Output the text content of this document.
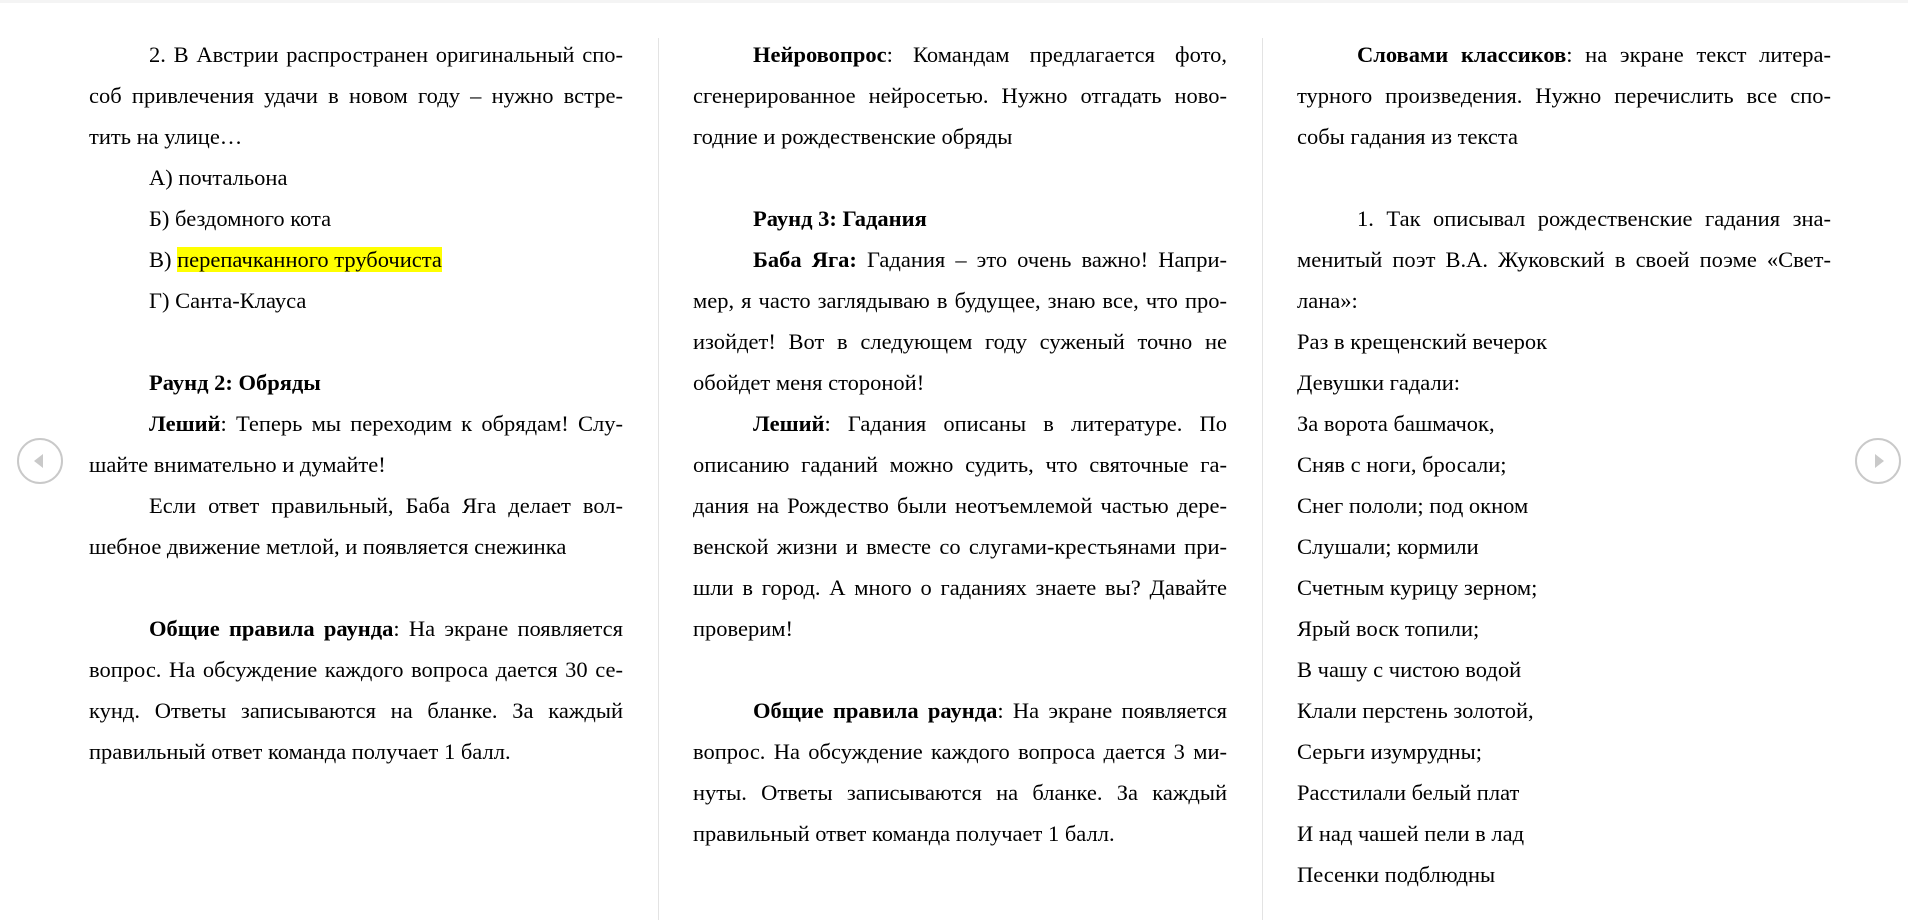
2. В Австрии распространен оригинальный спо-

соб привлечения удачи в новом году – нужно встре-

тить на улице…

А) почтальона

Б) бездомного кота

В) перепачканного трубочиста

Г) Санта-Клауса

Раунд 2: Обряды

Леший: Теперь мы переходим к обрядам! Слу-

шайте внимательно и думайте!

Если ответ правильный, Баба Яга делает вол-

шебное движение метлой, и появляется снежинка

Общие правила раунда: На экране появляется

вопрос. На обсуждение каждого вопроса дается 30 се-

кунд. Ответы записываются на бланке. За каждый

правильный ответ команда получает 1 балл.

Нейровопрос: Командам предлагается фото,

сгенерированное нейросетью. Нужно отгадать ново-

годние и рождественские обряды

Раунд 3: Гадания

Баба Яга: Гадания – это очень важно! Напри-

мер, я часто заглядываю в будущее, знаю все, что про-

изойдет! Вот в следующем году суженый точно не

обойдет меня стороной!

Леший: Гадания описаны в литературе. По

описанию гаданий можно судить, что святочные га-

дания на Рождество были неотъемлемой частью дере-

венской жизни и вместе со слугами-крестьянами при-

шли в город. А много о гаданиях знаете вы? Давайте

проверим!

Общие правила раунда: На экране появляется

вопрос. На обсуждение каждого вопроса дается 3 ми-

нуты. Ответы записываются на бланке. За каждый

правильный ответ команда получает 1 балл.

Словами классиков: на экране текст литера-

турного произведения. Нужно перечислить все спо-

собы гадания из текста

1. Так описывал рождественские гадания зна-

менитый поэт В.А. Жуковский в своей поэме «Свет-

лана»:

Раз в крещенский вечерок

Девушки гадали:

За ворота башмачок,

Сняв с ноги, бросали;

Снег пололи; под окном

Слушали; кормили

Счетным курицу зерном;

Ярый воск топили;

В чашу с чистою водой

Клали перстень золотой,

Серьги изумрудны;

Расстилали белый плат

И над чашей пели в лад

Песенки подблюдны
